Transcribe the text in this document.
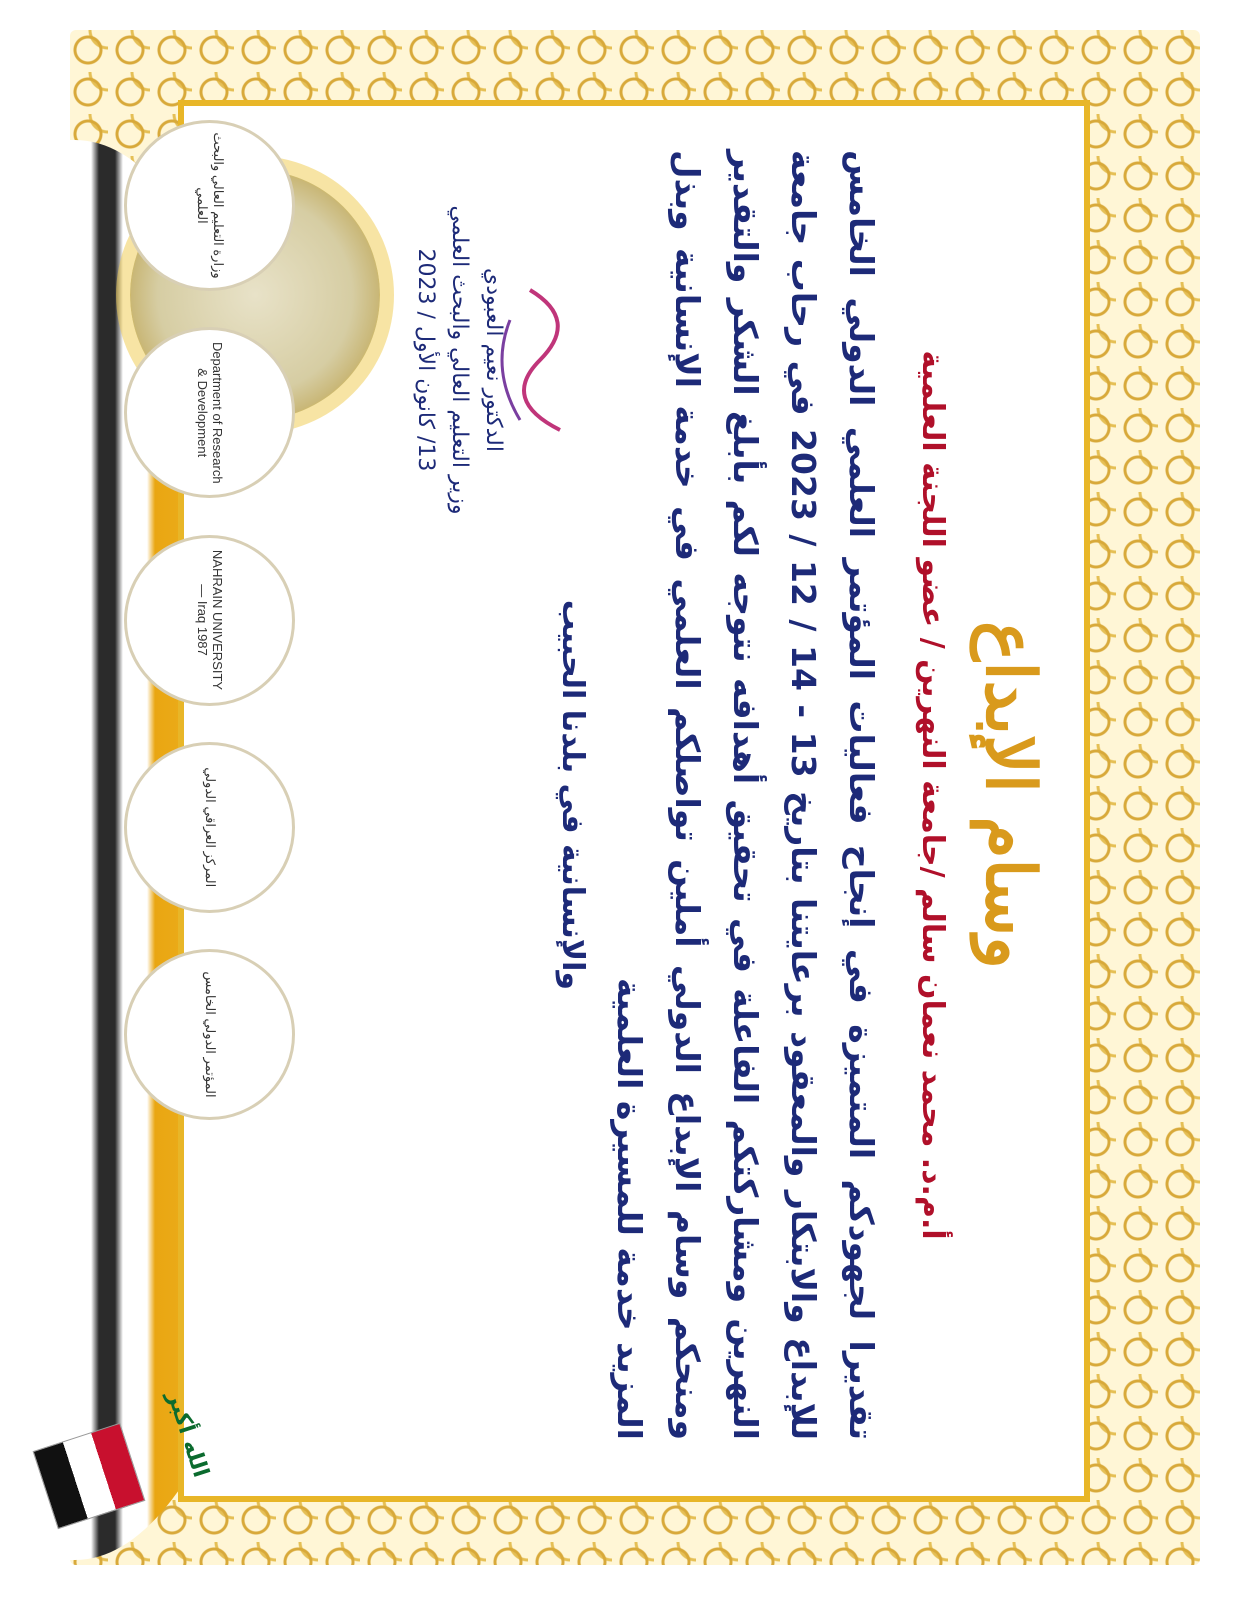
وسام الإبداع
أ.م.د. محمد نعمان سالم /جامعة النهرين / عضو اللجنة العلمية
تقديرا لجهودكم المتميزة في إنجاح فعاليات المؤتمر العلمي الدولي الخامس للإبداع والابتكار والمعقود برعايتنا بتاريخ 13 - 14 / 12 / 2023 في رحاب جامعة النهرين ومشاركتكم الفاعلة في تحقيق أهدافه نتوجه لكم بأبلغ الشكر والتقدير ومنحكم وسام الإبداع الدولي أملين تواصلكم العلمي في خدمة الإنسانية وبذل المزيد خدمة للمسيرة العلمية
والإنسانية في بلدنا الحبيب
الدكتور نعيم العبودي
وزير التعليم العالي والبحث العلمي
13/ كانون الأول / 2023
المؤتمر الدولي الخامس
المركز العراقي الدولي
NAHRAIN UNIVERSITY — Iraq 1987
Department of Research & Development
وزارة التعليم العالي والبحث العلمي
الله أكبر
